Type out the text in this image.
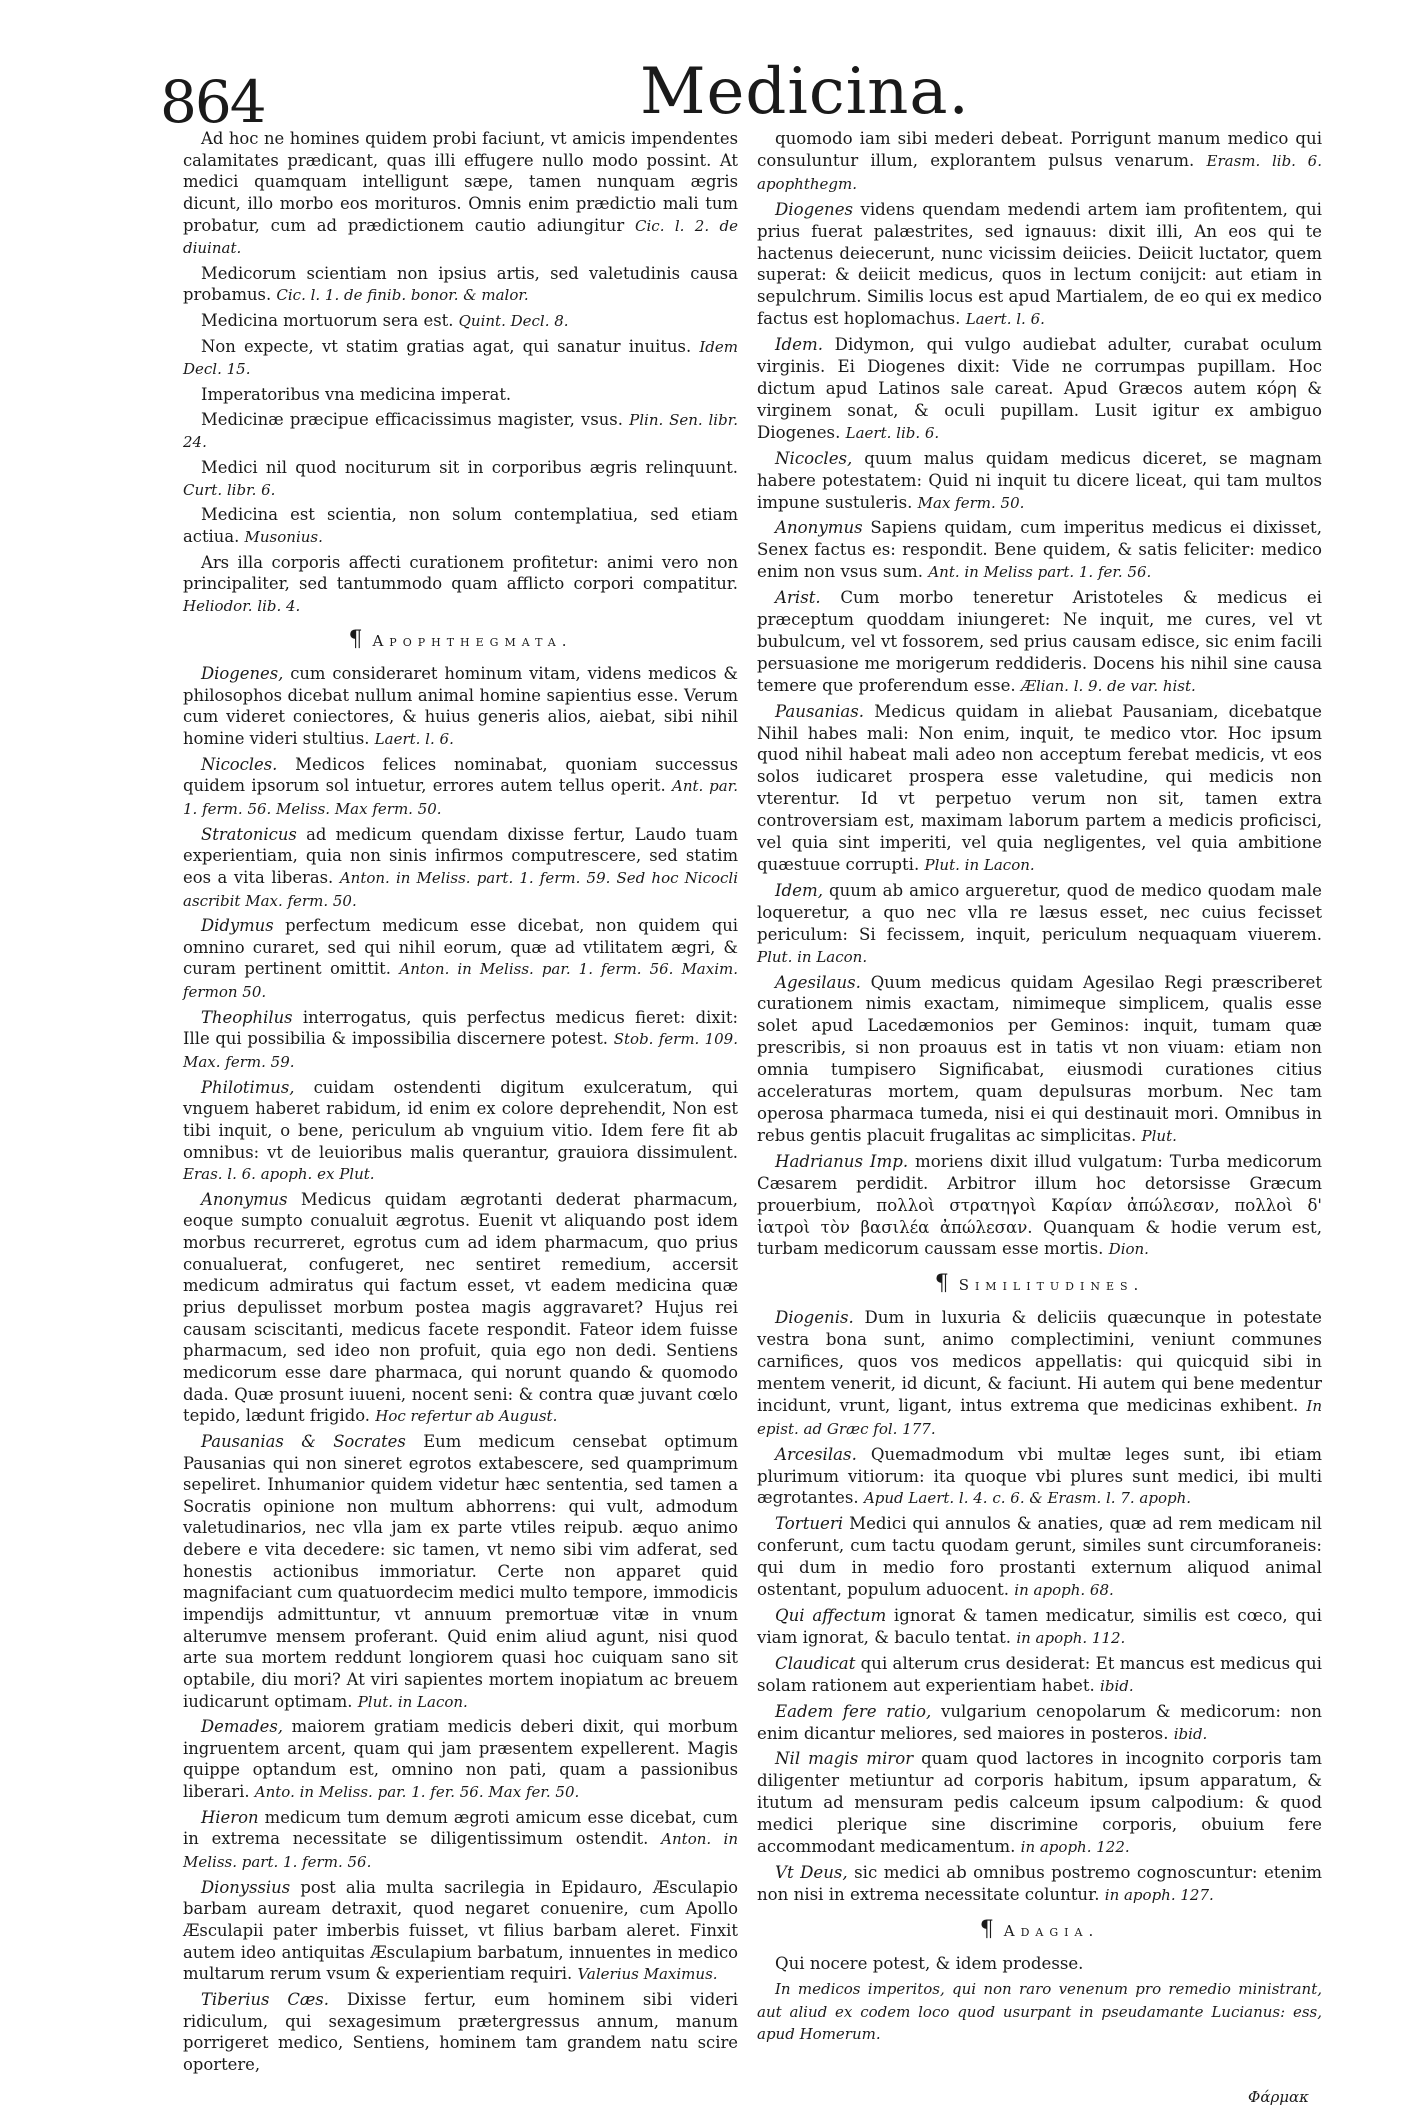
864	Medicina.

Ad hoc ne homines quidem probi faciunt, vt amicis impendentes calamitates prædicant, quas illi effugere nullo modo possint. At medici quamquam intelligunt sæpe, tamen nunquam ægris dicunt, illo morbo eos morituros. Omnis enim prædictio mali tum probatur, cum ad prædictionem cautio adiungitur Cic. l. 2. de diuinat.

Medicorum scientiam non ipsius artis, sed valetudinis causa probamus. Cic. l. 1. de finib. bonor. & malor.

Medicina mortuorum sera est. Quint. Decl. 8.

Non expecte, vt statim gratias agat, qui sanatur inuitus. Idem Decl. 15.

Imperatoribus vna medicina imperat.

Medicinæ præcipue efficacissimus magister, vsus. Plin. Sen. libr. 24.

Medici nil quod nociturum sit in corporibus ægris relinquunt. Curt. libr. 6.

Medicina est scientia, non solum contemplatiua, sed etiam actiua. Musonius.

Ars illa corporis affecti curationem profitetur: animi vero non principaliter, sed tantummodo quam afflicto corpori compatitur. Heliodor. lib. 4.

¶ Apophthegmata.

Diogenes, cum consideraret hominum vitam, videns medicos & philosophos dicebat nullum animal homine sapientius esse. Verum cum videret coniectores, & huius generis alios, aiebat, sibi nihil homine videri stultius. Laert. l. 6.

Nicocles. Medicos felices nominabat, quoniam successus quidem ipsorum sol intuetur, errores autem tellus operit. Ant. par. 1. ferm. 56. Meliss. Max ferm. 50.

Stratonicus ad medicum quendam dixisse fertur, Laudo tuam experientiam, quia non sinis infirmos computrescere, sed statim eos a vita liberas. Anton. in Meliss. part. 1. ferm. 59. Sed hoc Nicocli ascribit Max. ferm. 50.

Didymus perfectum medicum esse dicebat, non quidem qui omnino curaret, sed qui nihil eorum, quæ ad vtilitatem ægri, & curam pertinent omittit. Anton. in Meliss. par. 1. ferm. 56. Maxim. fermon 50.

Theophilus interrogatus, quis perfectus medicus fieret: dixit: Ille qui possibilia & impossibilia discernere potest. Stob. ferm. 109. Max. ferm. 59.

Philotimus, cuidam ostendenti digitum exulceratum, qui vnguem haberet rabidum, id enim ex colore deprehendit, Non est tibi inquit, o bene, periculum ab vnguium vitio. Idem fere fit ab omnibus: vt de leuioribus malis querantur, grauiora dissimulent. Eras. l. 6. apoph. ex Plut.

Anonymus Medicus quidam ægrotanti dederat pharmacum, eoque sumpto conualuit ægrotus. Euenit vt aliquando post idem morbus recurreret, egrotus cum ad idem pharmacum, quo prius conualuerat, confugeret, nec sentiret remedium, accersit medicum admiratus qui factum esset, vt eadem medicina quæ prius depulisset morbum postea magis aggravaret? Hujus rei causam sciscitanti, medicus facete respondit. Fateor idem fuisse pharmacum, sed ideo non profuit, quia ego non dedi. Sentiens medicorum esse dare pharmaca, qui norunt quando & quomodo dada. Quæ prosunt iuueni, nocent seni: & contra quæ juvant cœlo tepido, lædunt frigido. Hoc refertur ab August.

Pausanias & Socrates Eum medicum censebat optimum Pausanias qui non sineret egrotos extabescere, sed quamprimum sepeliret. Inhumanior quidem videtur hæc sententia, sed tamen a Socratis opinione non multum abhorrens: qui vult, admodum valetudinarios, nec vlla jam ex parte vtiles reipub. æquo animo debere e vita decedere: sic tamen, vt nemo sibi vim adferat, sed honestis actionibus immoriatur. Certe non apparet quid magnifaciant cum quatuordecim medici multo tempore, immodicis impendijs admittuntur, vt annuum premortuæ vitæ in vnum alterumve mensem proferant. Quid enim aliud agunt, nisi quod arte sua mortem reddunt longiorem quasi hoc cuiquam sano sit optabile, diu mori? At viri sapientes mortem inopiatum ac breuem iudicarunt optimam. Plut. in Lacon.

Demades, maiorem gratiam medicis deberi dixit, qui morbum ingruentem arcent, quam qui jam præsentem expellerent. Magis quippe optandum est, omnino non pati, quam a passionibus liberari. Anto. in Meliss. par. 1. fer. 56. Max fer. 50.

Hieron medicum tum demum ægroti amicum esse dicebat, cum in extrema necessitate se diligentissimum ostendit. Anton. in Meliss. part. 1. ferm. 56.

Dionyssius post alia multa sacrilegia in Epidauro, Æsculapio barbam auream detraxit, quod negaret conuenire, cum Apollo Æsculapii pater imberbis fuisset, vt filius barbam aleret. Finxit autem ideo antiquitas Æsculapium barbatum, innuentes in medico multarum rerum vsum & experientiam requiri. Valerius Maximus.

Tiberius Cæs. Dixisse fertur, eum hominem sibi videri ridiculum, qui sexagesimum prætergressus annum, manum porrigeret medico, Sentiens, hominem tam grandem natu scire oportere,

quomodo iam sibi mederi debeat. Porrigunt manum medico qui consuluntur illum, explorantem pulsus venarum. Erasm. lib. 6. apophthegm.

Diogenes videns quendam medendi artem iam profitentem, qui prius fuerat palæstrites, sed ignauus: dixit illi, An eos qui te hactenus deiecerunt, nunc vicissim deiicies. Deiicit luctator, quem superat: & deiicit medicus, quos in lectum conijcit: aut etiam in sepulchrum. Similis locus est apud Martialem, de eo qui ex medico factus est hoplomachus. Laert. l. 6.

Idem. Didymon, qui vulgo audiebat adulter, curabat oculum virginis. Ei Diogenes dixit: Vide ne corrumpas pupillam. Hoc dictum apud Latinos sale careat. Apud Græcos autem κόρη & virginem sonat, & oculi pupillam. Lusit igitur ex ambiguo Diogenes. Laert. lib. 6.

Nicocles, quum malus quidam medicus diceret, se magnam habere potestatem: Quid ni inquit tu dicere liceat, qui tam multos impune sustuleris. Max ferm. 50.

Anonymus Sapiens quidam, cum imperitus medicus ei dixisset, Senex factus es: respondit. Bene quidem, & satis feliciter: medico enim non vsus sum. Ant. in Meliss part. 1. fer. 56.

Arist. Cum morbo teneretur Aristoteles & medicus ei præceptum quoddam iniungeret: Ne inquit, me cures, vel vt bubulcum, vel vt fossorem, sed prius causam edisce, sic enim facili persuasione me morigerum reddideris. Docens his nihil sine causa temere que proferendum esse. Ælian. l. 9. de var. hist.

Pausanias. Medicus quidam in aliebat Pausaniam, dicebatque Nihil habes mali: Non enim, inquit, te medico vtor. Hoc ipsum quod nihil habeat mali adeo non acceptum ferebat medicis, vt eos solos iudicaret prospera esse valetudine, qui medicis non vterentur. Id vt perpetuo verum non sit, tamen extra controversiam est, maximam laborum partem a medicis proficisci, vel quia sint imperiti, vel quia negligentes, vel quia ambitione quæstuue corrupti. Plut. in Lacon.

Idem, quum ab amico argueretur, quod de medico quodam male loqueretur, a quo nec vlla re læsus esset, nec cuius fecisset periculum: Si fecissem, inquit, periculum nequaquam viuerem. Plut. in Lacon.

Agesilaus. Quum medicus quidam Agesilao Regi præscriberet curationem nimis exactam, nimimeque simplicem, qualis esse solet apud Lacedæmonios per Geminos: inquit, tumam quæ prescribis, si non proauus est in tatis vt non viuam: etiam non omnia tumpisero Significabat, eiusmodi curationes citius acceleraturas mortem, quam depulsuras morbum. Nec tam operosa pharmaca tumeda, nisi ei qui destinauit mori. Omnibus in rebus gentis placuit frugalitas ac simplicitas. Plut.

Hadrianus Imp. moriens dixit illud vulgatum: Turba medicorum Cæsarem perdidit. Arbitror illum hoc detorsisse Græcum prouerbium, πολλοὶ στρατηγοὶ Καρίαν ἀπώλεσαν, πολλοὶ δ' ἰατροὶ τὸν βασιλέα ἀπώλεσαν. Quanquam & hodie verum est, turbam medicorum caussam esse mortis. Dion.

¶ Similitudines.

Diogenis. Dum in luxuria & deliciis quæcunque in potestate vestra bona sunt, animo complectimini, veniunt communes carnifices, quos vos medicos appellatis: qui quicquid sibi in mentem venerit, id dicunt, & faciunt. Hi autem qui bene medentur incidunt, vrunt, ligant, intus extrema que medicinas exhibent. In epist. ad Græc fol. 177.

Arcesilas. Quemadmodum vbi multæ leges sunt, ibi etiam plurimum vitiorum: ita quoque vbi plures sunt medici, ibi multi ægrotantes. Apud Laert. l. 4. c. 6. & Erasm. l. 7. apoph.

Tortueri Medici qui annulos & anaties, quæ ad rem medicam nil conferunt, cum tactu quodam gerunt, similes sunt circumforaneis: qui dum in medio foro prostanti externum aliquod animal ostentant, populum aduocent. in apoph. 68.

Qui affectum ignorat & tamen medicatur, similis est cœco, qui viam ignorat, & baculo tentat. in apoph. 112.

Claudicat qui alterum crus desiderat: Et mancus est medicus qui solam rationem aut experientiam habet. ibid.

Eadem fere ratio, vulgarium cenopolarum & medicorum: non enim dicantur meliores, sed maiores in posteros. ibid.

Nil magis miror quam quod lactores in incognito corporis tam diligenter metiuntur ad corporis habitum, ipsum apparatum, & itutum ad mensuram pedis calceum ipsum calpodium: & quod medici plerique sine discrimine corporis, obuium fere accommodant medicamentum. in apoph. 122.

Vt Deus, sic medici ab omnibus postremo cognoscuntur: etenim non nisi in extrema necessitate coluntur. in apoph. 127.

¶ Adagia.

Qui nocere potest, & idem prodesse.

In medicos imperitos, qui non raro venenum pro remedio ministrant, aut aliud ex codem loco quod usurpant in pseudamante Lucianus: ess, apud Homerum.

Φάρμακ
